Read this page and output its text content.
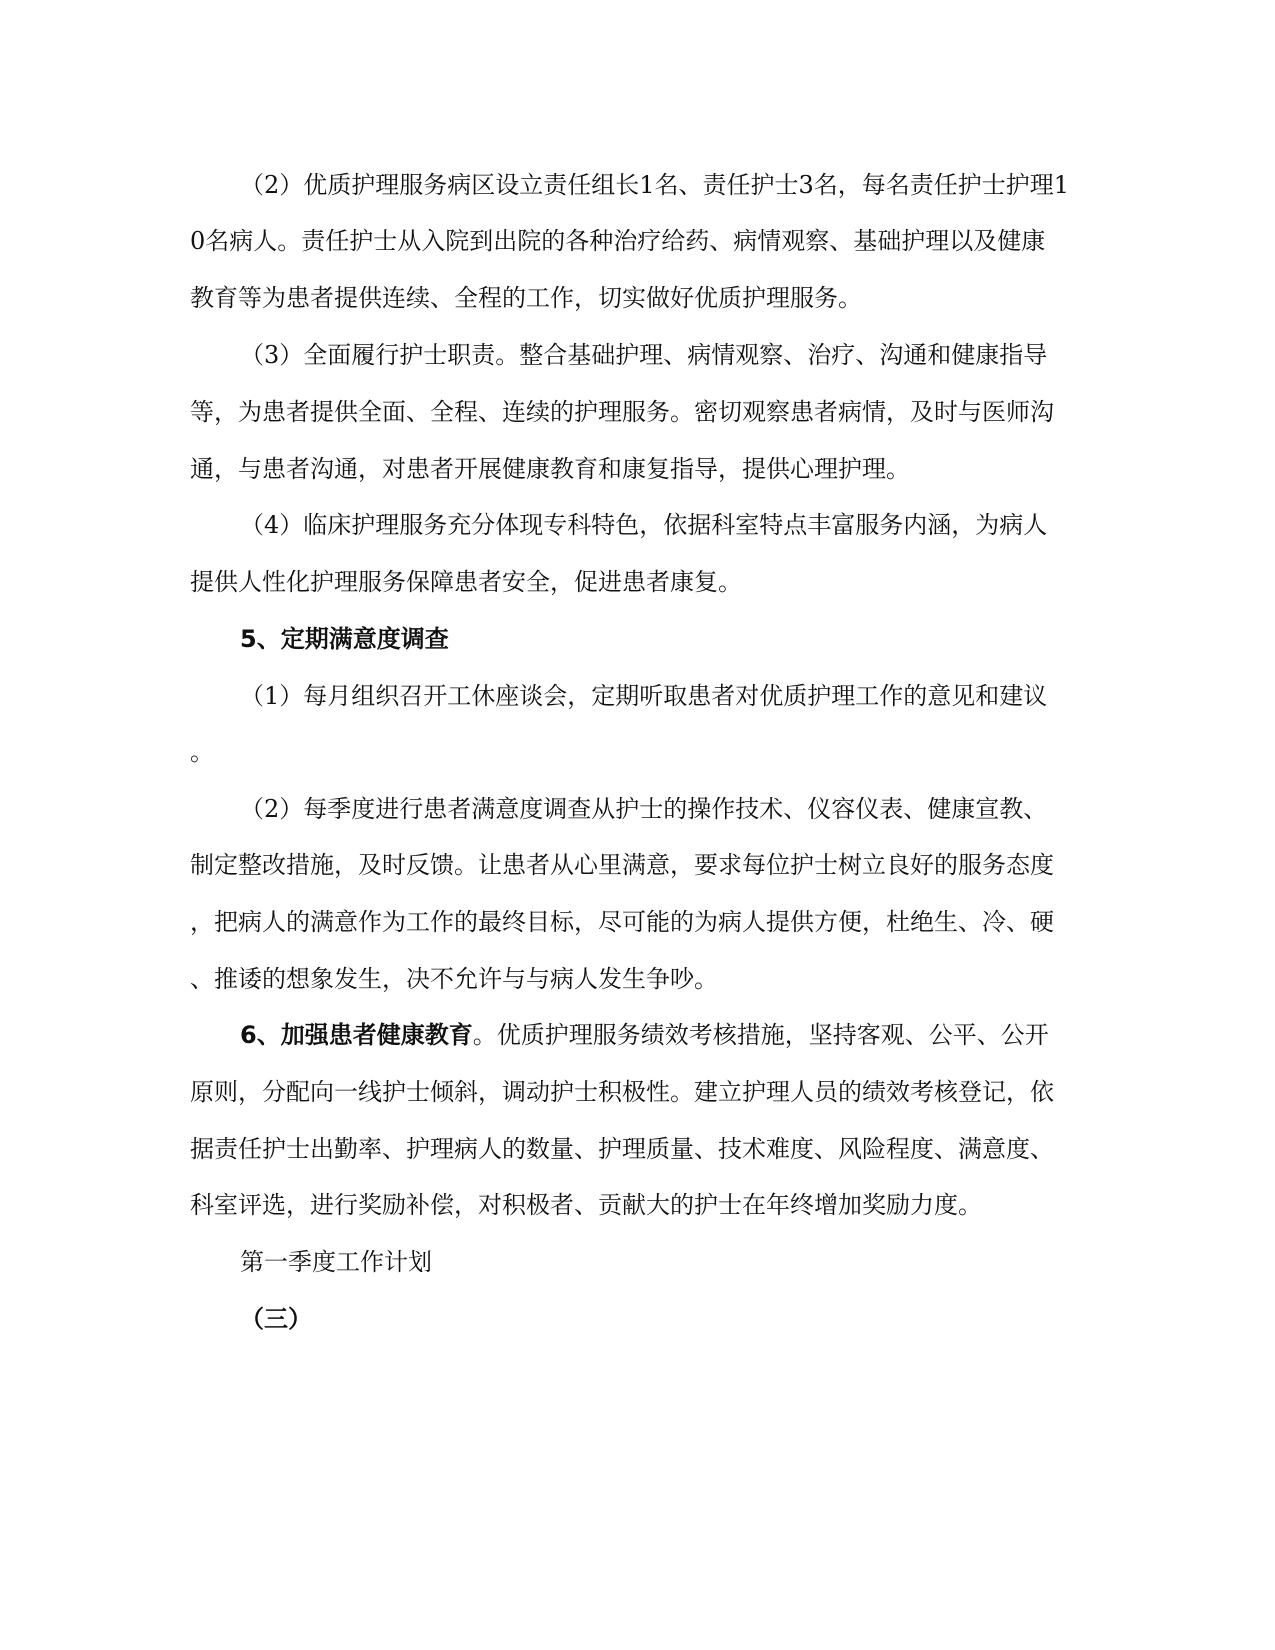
（2）优质护理服务病区设立责任组长1名、责任护士3名，每名责任护士护理1
0名病人。责任护士从入院到出院的各种治疗给药、病情观察、基础护理以及健康
教育等为患者提供连续、全程的工作，切实做好优质护理服务。
（3）全面履行护士职责。整合基础护理、病情观察、治疗、沟通和健康指导
等，为患者提供全面、全程、连续的护理服务。密切观察患者病情，及时与医师沟
通，与患者沟通，对患者开展健康教育和康复指导，提供心理护理。
（4）临床护理服务充分体现专科特色，依据科室特点丰富服务内涵，为病人
提供人性化护理服务保障患者安全，促进患者康复。
5、定期满意度调查
（1）每月组织召开工休座谈会，定期听取患者对优质护理工作的意见和建议
。
（2）每季度进行患者满意度调查从护士的操作技术、仪容仪表、健康宣教、
制定整改措施，及时反馈。让患者从心里满意，要求每位护士树立良好的服务态度
，把病人的满意作为工作的最终目标，尽可能的为病人提供方便，杜绝生、冷、硬
、推诿的想象发生，决不允许与与病人发生争吵。
6、加强患者健康教育。优质护理服务绩效考核措施，坚持客观、公平、公开
原则，分配向一线护士倾斜，调动护士积极性。建立护理人员的绩效考核登记，依
据责任护士出勤率、护理病人的数量、护理质量、技术难度、风险程度、满意度、
科室评选，进行奖励补偿，对积极者、贡献大的护士在年终增加奖励力度。
第一季度工作计划
（三）
